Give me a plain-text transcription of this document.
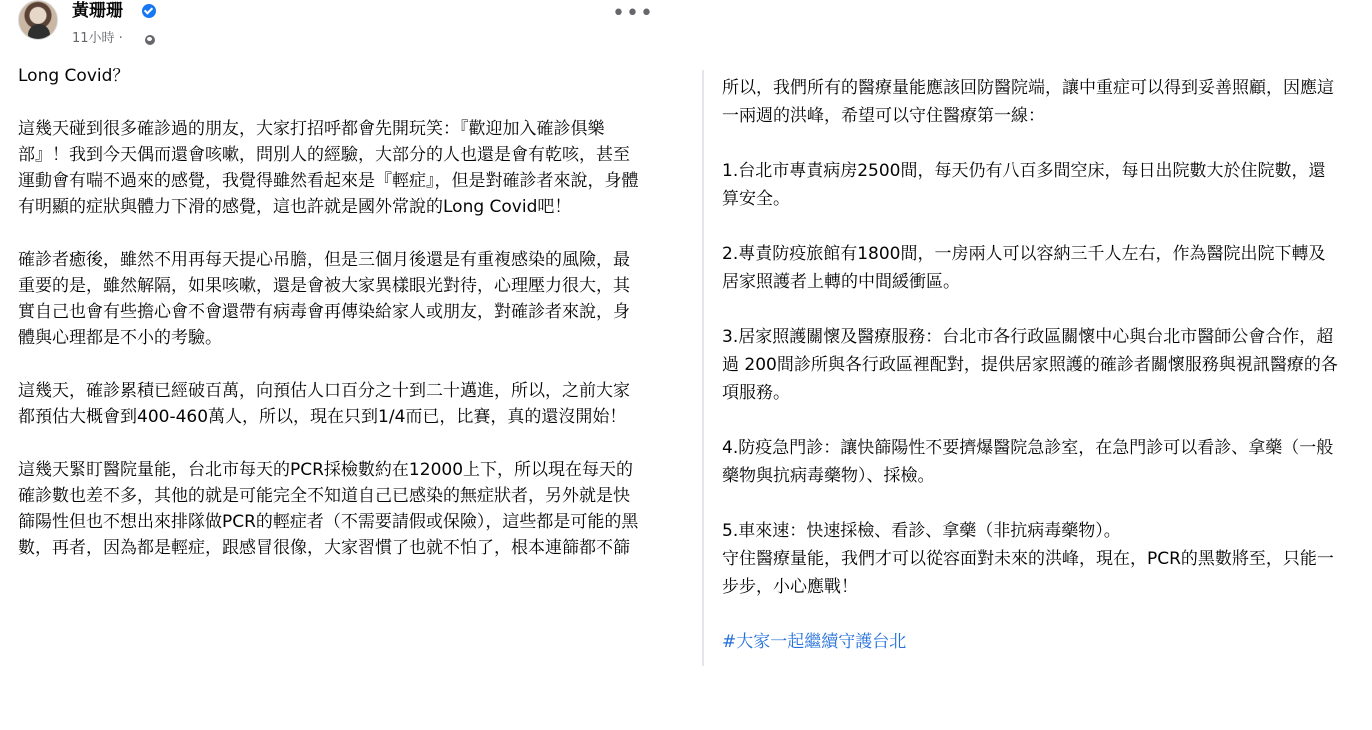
黃珊珊
11小時 ·
•••

Long Covid？

這幾天碰到很多確診過的朋友，大家打招呼都會先開玩笑：『歡迎加入確診俱樂部』！我到今天偶而還會咳嗽，問別人的經驗，大部分的人也還是會有乾咳，甚至運動會有喘不過來的感覺，我覺得雖然看起來是『輕症』，但是對確診者來說，身體有明顯的症狀與體力下滑的感覺，這也許就是國外常說的Long Covid吧！

確診者癒後，雖然不用再每天提心吊膽，但是三個月後還是有重複感染的風險，最重要的是，雖然解隔，如果咳嗽，還是會被大家異樣眼光對待，心理壓力很大，其實自己也會有些擔心會不會還帶有病毒會再傳染給家人或朋友，對確診者來說，身體與心理都是不小的考驗。

這幾天，確診累積已經破百萬，向預估人口百分之十到二十邁進，所以，之前大家都預估大概會到400-460萬人，所以，現在只到1/4而已，比賽，真的還沒開始！

這幾天緊盯醫院量能，台北市每天的PCR採檢數約在12000上下，所以現在每天的確診數也差不多，其他的就是可能完全不知道自己已感染的無症狀者，另外就是快篩陽性但也不想出來排隊做PCR的輕症者（不需要請假或保險），這些都是可能的黑數，再者，因為都是輕症，跟感冒很像，大家習慣了也就不怕了，根本連篩都不篩

所以，我們所有的醫療量能應該回防醫院端，讓中重症可以得到妥善照顧，因應這一兩週的洪峰，希望可以守住醫療第一線：

1.台北市專責病房2500間，每天仍有八百多間空床，每日出院數大於住院數，還算安全。

2.專責防疫旅館有1800間，一房兩人可以容納三千人左右，作為醫院出院下轉及居家照護者上轉的中間緩衝區。

3.居家照護關懷及醫療服務：台北市各行政區關懷中心與台北市醫師公會合作，超過 200間診所與各行政區裡配對，提供居家照護的確診者關懷服務與視訊醫療的各項服務。

4.防疫急門診：讓快篩陽性不要擠爆醫院急診室，在急門診可以看診、拿藥（一般藥物與抗病毒藥物）、採檢。

5.車來速：快速採檢、看診、拿藥（非抗病毒藥物）。
守住醫療量能，我們才可以從容面對未來的洪峰，現在，PCR的黑數將至，只能一步步，小心應戰！

#大家一起繼續守護台北
